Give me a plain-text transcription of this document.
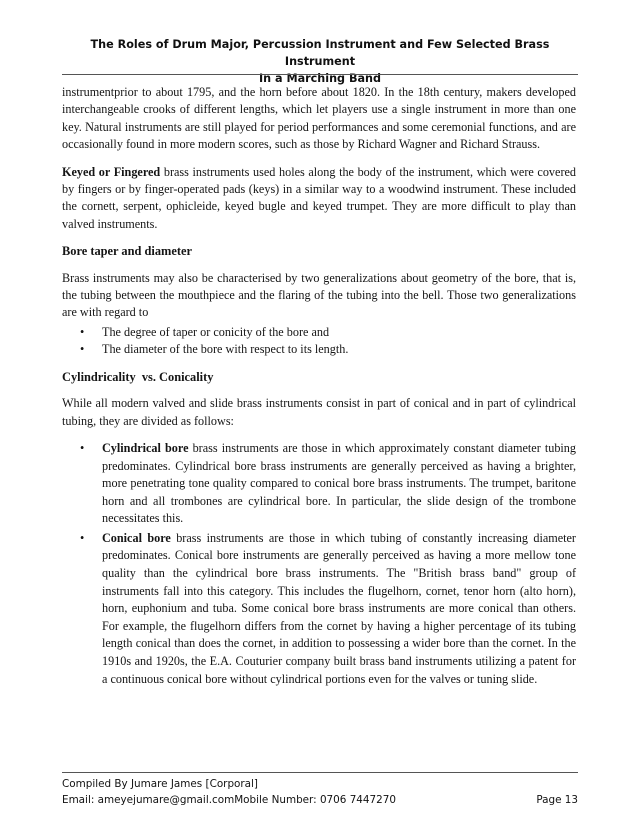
The Roles of Drum Major, Percussion Instrument and Few Selected Brass Instrument
In a Marching Band

instrumentprior to about 1795, and the horn before about 1820. In the 18th century, makers developed interchangeable crooks of different lengths, which let players use a single instrument in more than one key. Natural instruments are still played for period performances and some ceremonial functions, and are occasionally found in more modern scores, such as those by Richard Wagner and Richard Strauss.

Keyed or Fingered brass instruments used holes along the body of the instrument, which were covered by fingers or by finger-operated pads (keys) in a similar way to a woodwind instrument. These included the cornett, serpent, ophicleide, keyed bugle and keyed trumpet. They are more difficult to play than valved instruments.

Bore taper and diameter

Brass instruments may also be characterised by two generalizations about geometry of the bore, that is, the tubing between the mouthpiece and the flaring of the tubing into the bell. Those two generalizations are with regard to

• The degree of taper or conicity of the bore and
• The diameter of the bore with respect to its length.
Cylindricality  vs. Conicality

While all modern valved and slide brass instruments consist in part of conical and in part of cylindrical tubing, they are divided as follows:

• Cylindrical bore brass instruments are those in which approximately constant diameter tubing predominates. Cylindrical bore brass instruments are generally perceived as having a brighter, more penetrating tone quality compared to conical bore brass instruments. The trumpet, baritone horn and all trombones are cylindrical bore. In particular, the slide design of the trombone necessitates this.
• Conical bore brass instruments are those in which tubing of constantly increasing diameter predominates. Conical bore instruments are generally perceived as having a more mellow tone quality than the cylindrical bore brass instruments. The "British brass band" group of instruments fall into this category. This includes the flugelhorn, cornet, tenor horn (alto horn), horn, euphonium and tuba. Some conical bore brass instruments are more conical than others. For example, the flugelhorn differs from the cornet by having a higher percentage of its tubing length conical than does the cornet, in addition to possessing a wider bore than the cornet. In the 1910s and 1920s, the E.A. Couturier company built brass band instruments utilizing a patent for a continuous conical bore without cylindrical portions even for the valves or tuning slide.
Compiled By Jumare James [Corporal]
Email: ameyejumare@gmail.comMobile Number: 0706 7447270	Page 13
